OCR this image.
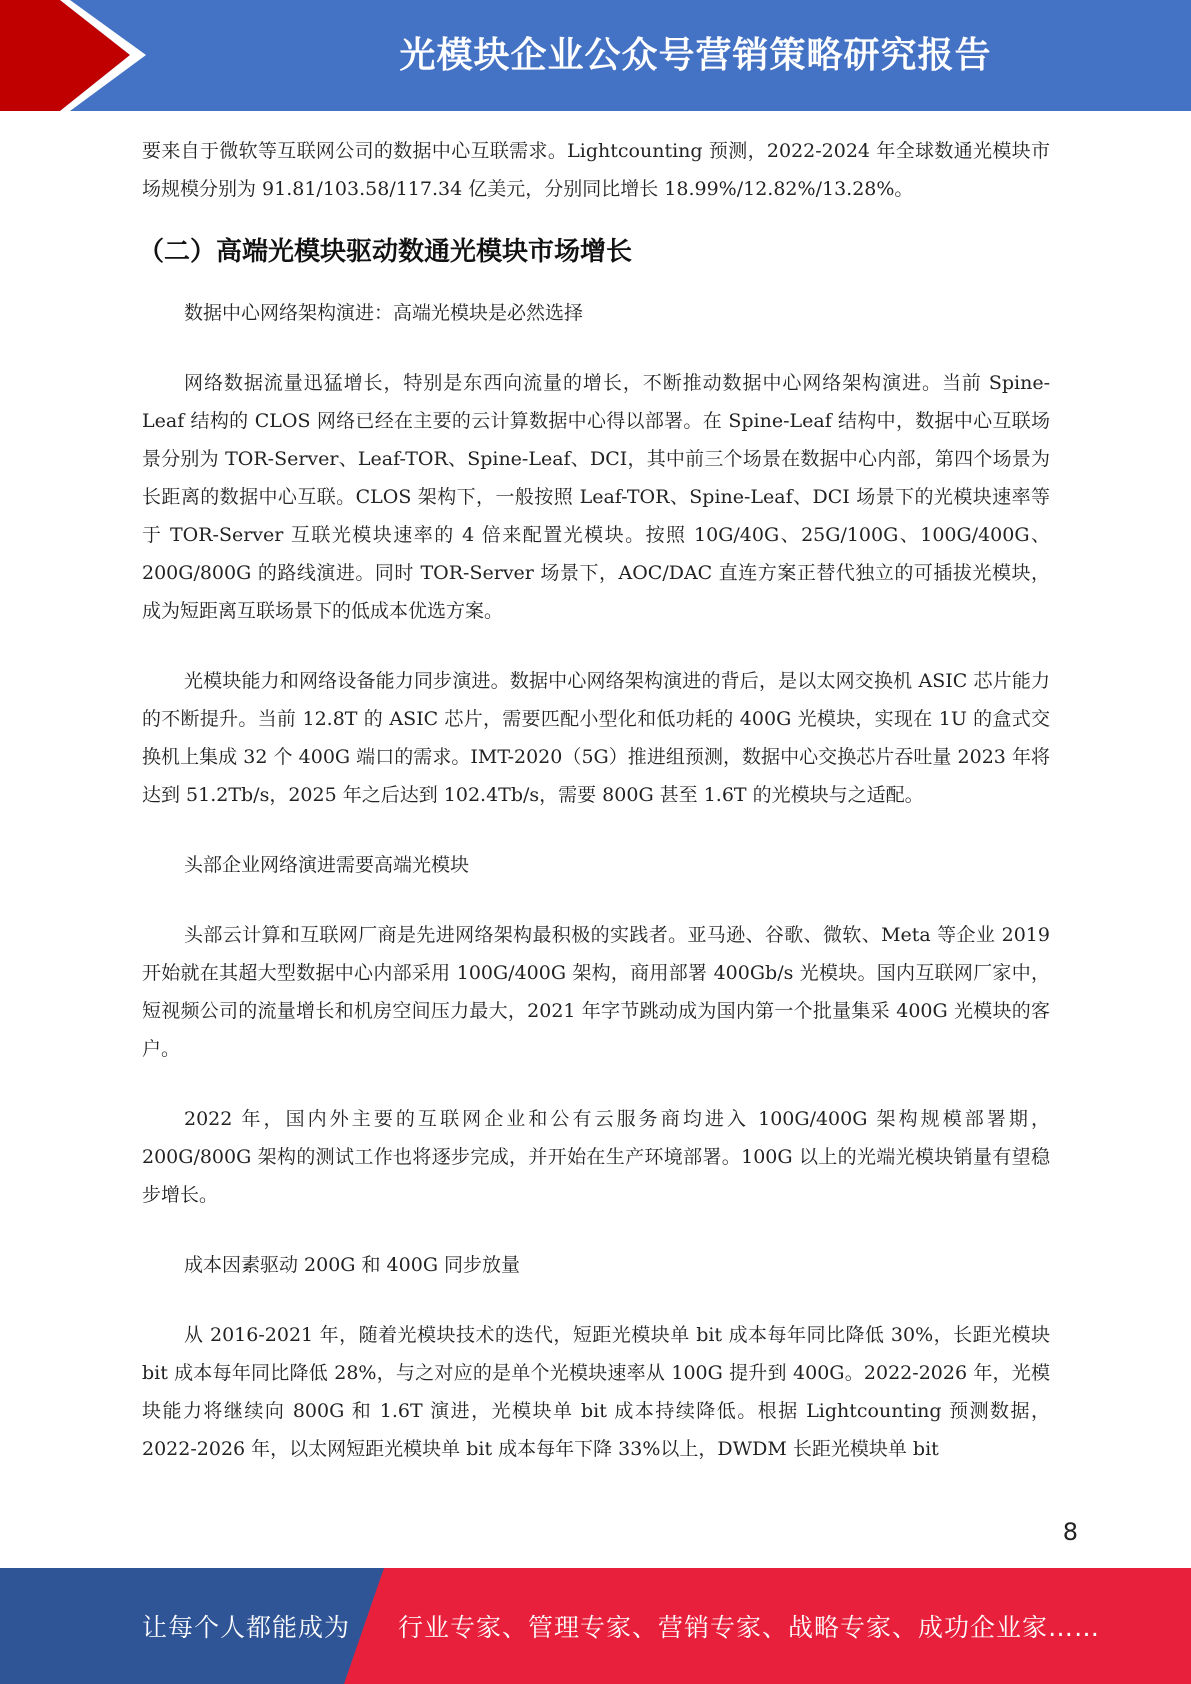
光模块企业公众号营销策略研究报告

要来自于微软等互联网公司的数据中心互联需求。Lightcounting 预测，2022-2024 年全球数通光模块市场规模分别为 91.81/103.58/117.34 亿美元，分别同比增长 18.99%/12.82%/13.28%。

（二）高端光模块驱动数通光模块市场增长

数据中心网络架构演进：高端光模块是必然选择

网络数据流量迅猛增长，特别是东西向流量的增长，不断推动数据中心网络架构演进。当前 Spine-Leaf 结构的 CLOS 网络已经在主要的云计算数据中心得以部署。在 Spine-Leaf 结构中，数据中心互联场景分别为 TOR-Server、Leaf-TOR、Spine-Leaf、DCI，其中前三个场景在数据中心内部，第四个场景为长距离的数据中心互联。CLOS 架构下，一般按照 Leaf-TOR、Spine-Leaf、DCI 场景下的光模块速率等于 TOR-Server 互联光模块速率的 4 倍来配置光模块。按照 10G/40G、25G/100G、100G/400G、200G/800G 的路线演进。同时 TOR-Server 场景下，AOC/DAC 直连方案正替代独立的可插拔光模块，成为短距离互联场景下的低成本优选方案。

光模块能力和网络设备能力同步演进。数据中心网络架构演进的背后，是以太网交换机 ASIC 芯片能力的不断提升。当前 12.8T 的 ASIC 芯片，需要匹配小型化和低功耗的 400G 光模块，实现在 1U 的盒式交换机上集成 32 个 400G 端口的需求。IMT-2020（5G）推进组预测，数据中心交换芯片吞吐量 2023 年将达到 51.2Tb/s，2025 年之后达到 102.4Tb/s，需要 800G 甚至 1.6T 的光模块与之适配。

头部企业网络演进需要高端光模块

头部云计算和互联网厂商是先进网络架构最积极的实践者。亚马逊、谷歌、微软、Meta 等企业 2019 开始就在其超大型数据中心内部采用 100G/400G 架构，商用部署 400Gb/s 光模块。国内互联网厂家中，短视频公司的流量增长和机房空间压力最大，2021 年字节跳动成为国内第一个批量集采 400G 光模块的客户。

2022 年，国内外主要的互联网企业和公有云服务商均进入 100G/400G 架构规模部署期，200G/800G 架构的测试工作也将逐步完成，并开始在生产环境部署。100G 以上的光端光模块销量有望稳步增长。

成本因素驱动 200G 和 400G 同步放量

从 2016-2021 年，随着光模块技术的迭代，短距光模块单 bit 成本每年同比降低 30%，长距光模块 bit 成本每年同比降低 28%，与之对应的是单个光模块速率从 100G 提升到 400G。2022-2026 年，光模块能力将继续向 800G 和 1.6T 演进，光模块单 bit 成本持续降低。根据 Lightcounting 预测数据，2022-2026 年，以太网短距光模块单 bit 成本每年下降 33%以上，DWDM 长距光模块单 bit

8
让每个人都能成为	行业专家、管理专家、营销专家、战略专家、成功企业家……
